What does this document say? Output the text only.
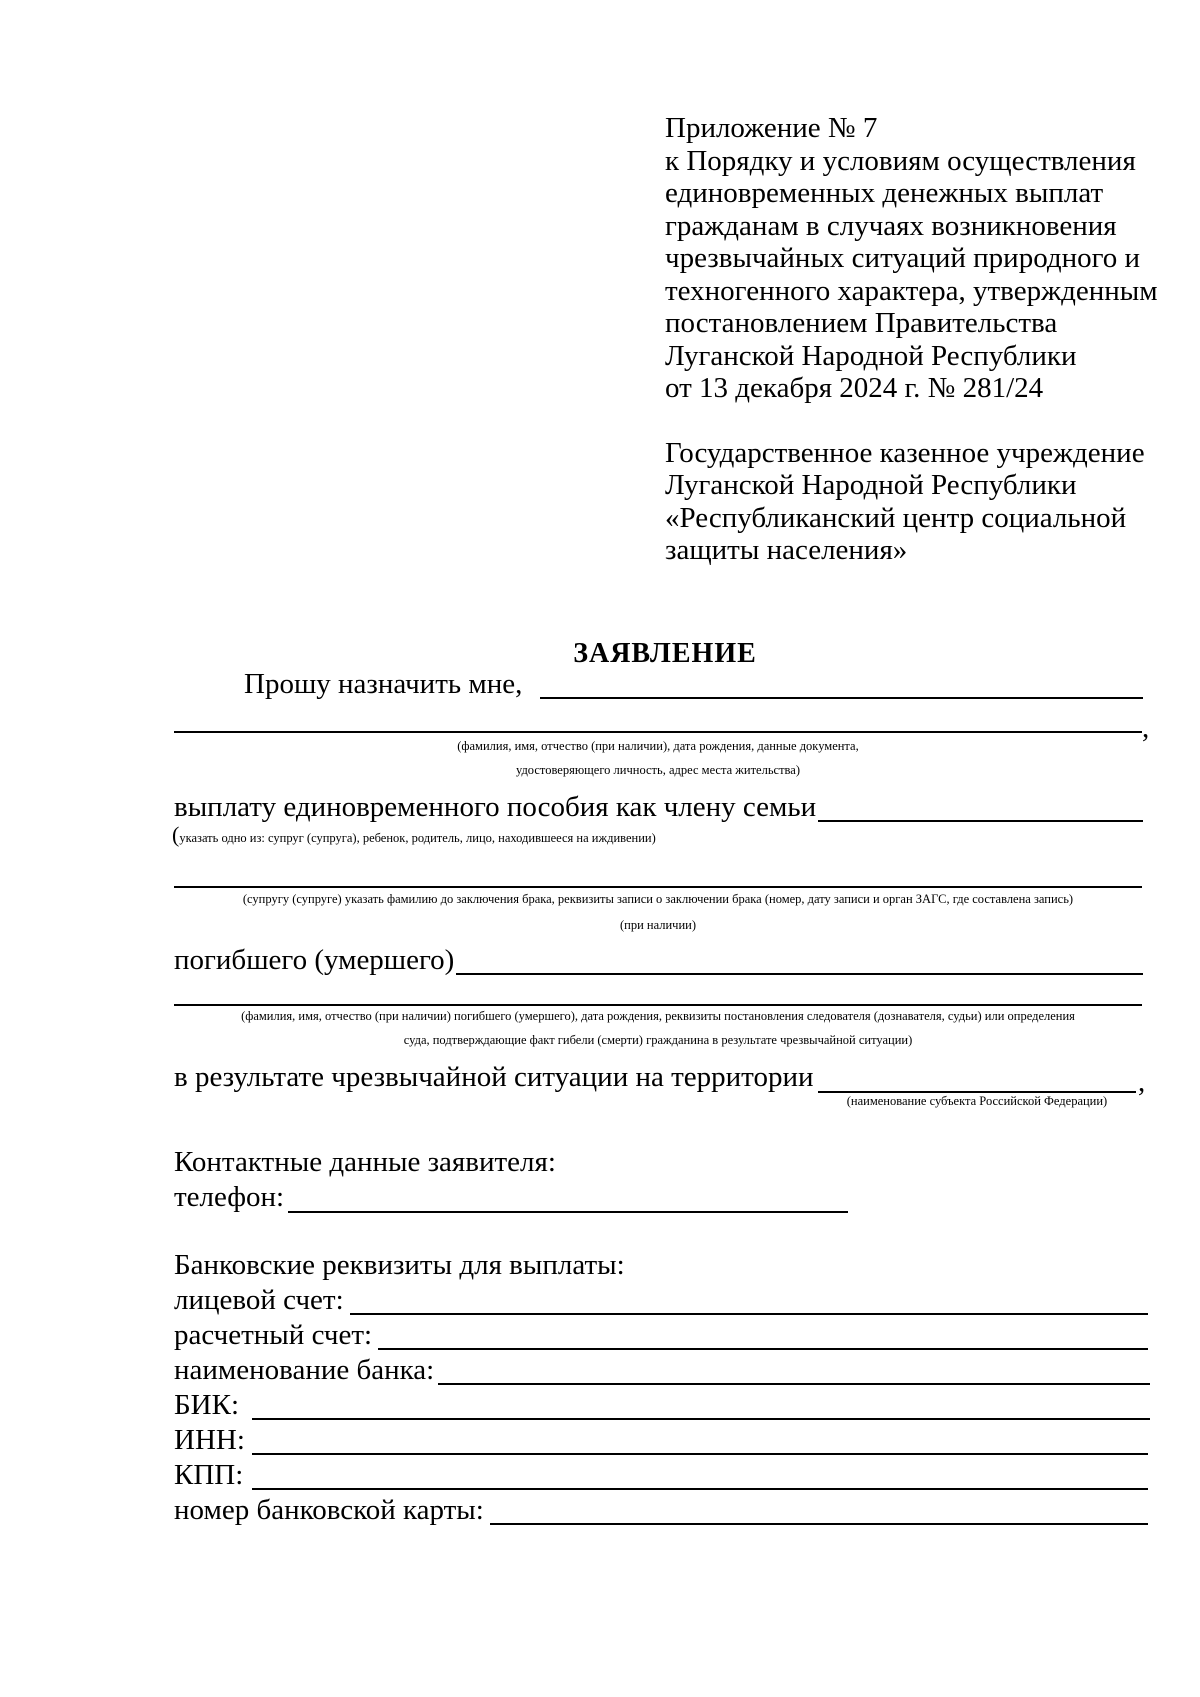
Приложение № 7
к Порядку и условиям осуществления
единовременных денежных выплат
гражданам в случаях возникновения
чрезвычайных ситуаций природного и
техногенного характера, утвержденным
постановлением Правительства
Луганской Народной Республики
от 13 декабря 2024 г. № 281/24
Государственное казенное учреждение
Луганской Народной Республики
«Республиканский центр социальной
защиты населения»
ЗАЯВЛЕНИЕ
Прошу назначить мне,
,
(фамилия, имя, отчество (при наличии), дата рождения, данные документа,
удостоверяющего личность, адрес места жительства)
выплату единовременного пособия как члену семьи
(указать одно из: супруг (супруга), ребенок, родитель, лицо, находившееся на иждивении)
(супругу (супруге) указать фамилию до заключения брака, реквизиты записи о заключении брака (номер, дату записи и орган ЗАГС, где составлена запись)
(при наличии)
погибшего (умершего)
(фамилия, имя, отчество (при наличии) погибшего (умершего), дата рождения, реквизиты постановления следователя (дознавателя, судьи) или определения
суда, подтверждающие факт гибели (смерти) гражданина в результате чрезвычайной ситуации)
в результате чрезвычайной ситуации на территории	,
(наименование субъекта Российской Федерации)
Контактные данные заявителя:
телефон:
Банковские реквизиты для выплаты:
лицевой счет:
расчетный счет:
наименование банка:
БИК:
ИНН:
КПП:
номер банковской карты:
